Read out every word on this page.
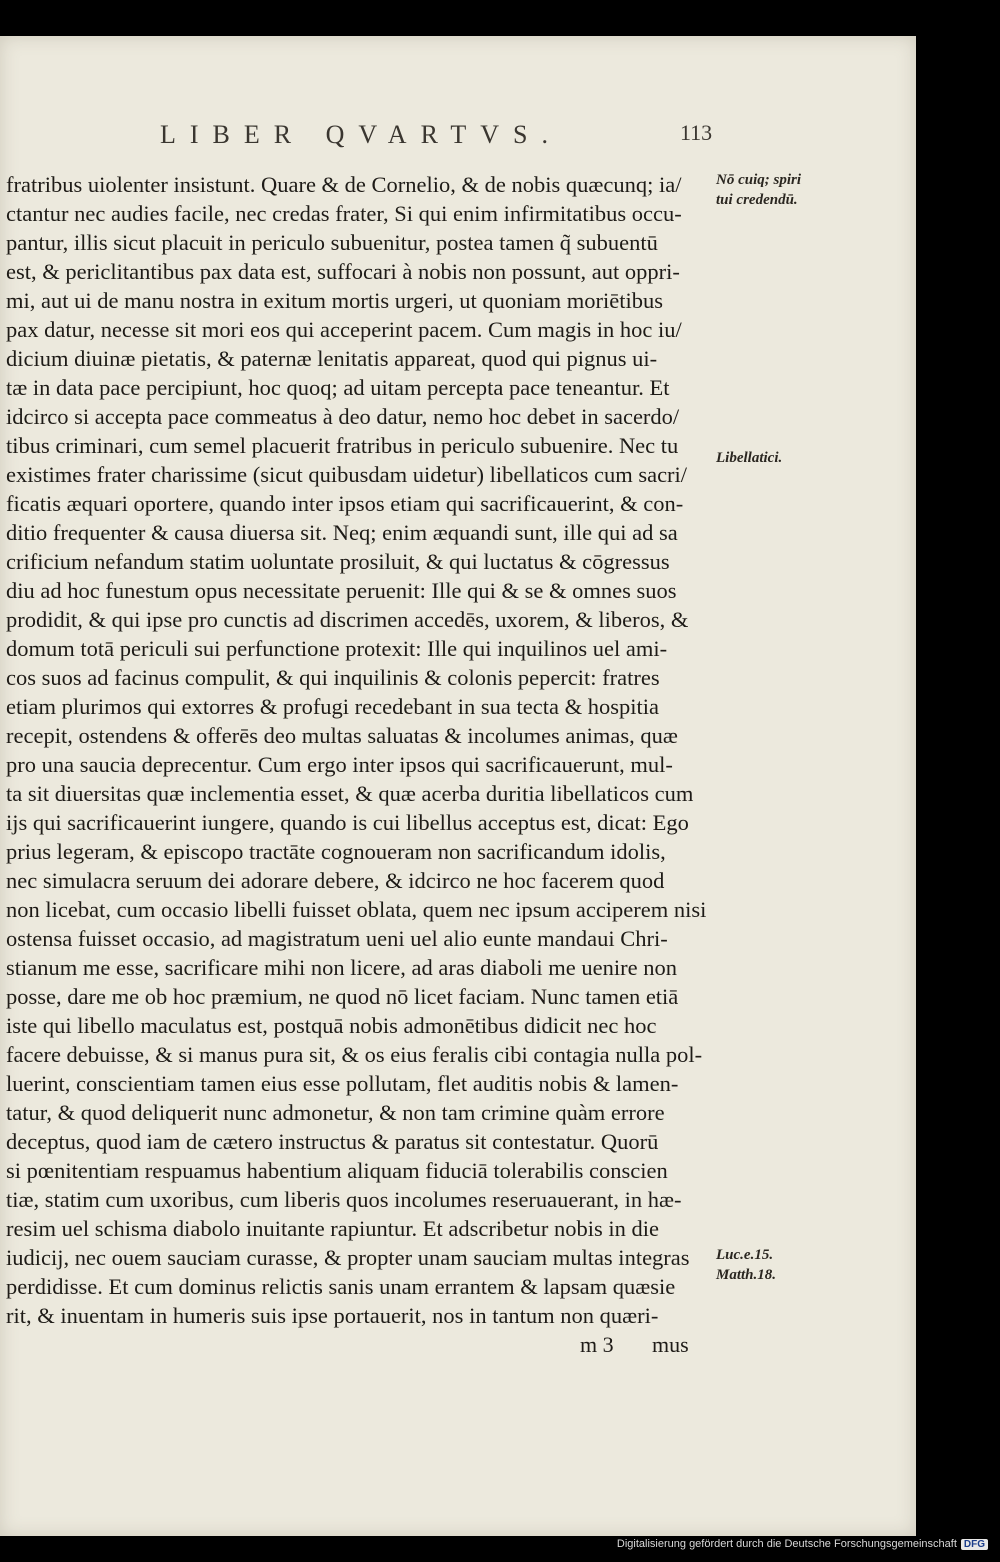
LIBER QVARTVS.	113
fratribus uiolenter insistunt. Quare & de Cornelio, & de nobis quæcunq; ia/
ctantur nec audies facile, nec credas frater, Si qui enim infirmitatibus occu-
pantur, illis sicut placuit in periculo subuenitur, postea tamen q̃ subuentū
est, & periclitantibus pax data est, suffocari à nobis non possunt, aut oppri-
mi, aut ui de manu nostra in exitum mortis urgeri, ut quoniam moriētibus
pax datur, necesse sit mori eos qui acceperint pacem. Cum magis in hoc iu/
dicium diuinæ pietatis, & paternæ lenitatis appareat, quod qui pignus ui-
tæ in data pace percipiunt, hoc quoq; ad uitam percepta pace teneantur. Et
idcirco si accepta pace commeatus à deo datur, nemo hoc debet in sacerdo/
tibus criminari, cum semel placuerit fratribus in periculo subuenire. Nec tu
existimes frater charissime (sicut quibusdam uidetur) libellaticos cum sacri/
ficatis æquari oportere, quando inter ipsos etiam qui sacrificauerint, & con-
ditio frequenter & causa diuersa sit. Neq; enim æquandi sunt, ille qui ad sa
crificium nefandum statim uoluntate prosiluit, & qui luctatus & cōgressus
diu ad hoc funestum opus necessitate peruenit: Ille qui & se & omnes suos
prodidit, & qui ipse pro cunctis ad discrimen accedēs, uxorem, & liberos, &
domum totā periculi sui perfunctione protexit: Ille qui inquilinos uel ami-
cos suos ad facinus compulit, & qui inquilinis & colonis pepercit: fratres
etiam plurimos qui extorres & profugi recedebant in sua tecta & hospitia
recepit, ostendens & offerēs deo multas saluatas & incolumes animas, quæ
pro una saucia deprecentur. Cum ergo inter ipsos qui sacrificauerunt, mul-
ta sit diuersitas quæ inclementia esset, & quæ acerba duritia libellaticos cum
ijs qui sacrificauerint iungere, quando is cui libellus acceptus est, dicat: Ego
prius legeram, & episcopo tractāte cognoueram non sacrificandum idolis,
nec simulacra seruum dei adorare debere, & idcirco ne hoc facerem quod
non licebat, cum occasio libelli fuisset oblata, quem nec ipsum acciperem nisi
ostensa fuisset occasio, ad magistratum ueni uel alio eunte mandaui Chri-
stianum me esse, sacrificare mihi non licere, ad aras diaboli me uenire non
posse, dare me ob hoc præmium, ne quod nō licet faciam. Nunc tamen etiā
iste qui libello maculatus est, postquā nobis admonētibus didicit nec hoc
facere debuisse, & si manus pura sit, & os eius feralis cibi contagia nulla pol-
luerint, conscientiam tamen eius esse pollutam, flet auditis nobis & lamen-
tatur, & quod deliquerit nunc admonetur, & non tam crimine quàm errore
deceptus, quod iam de cætero instructus & paratus sit contestatur. Quorū
si pœnitentiam respuamus habentium aliquam fiduciā tolerabilis conscien
tiæ, statim cum uxoribus, cum liberis quos incolumes reseruauerant, in hæ-
resim uel schisma diabolo inuitante rapiuntur. Et adscribetur nobis in die
iudicij, nec ouem sauciam curasse, & propter unam sauciam multas integras
perdidisse. Et cum dominus relictis sanis unam errantem & lapsam quæsie
rit, & inuentam in humeris suis ipse portauerit, nos in tantum non quæri-
Nō cuiq; spiri
tui credendū.
Libellatici.
Luc.e.15.
Matth.18.
m 3 mus
Digitalisierung gefördert durch die Deutsche Forschungsgemeinschaft DFG
